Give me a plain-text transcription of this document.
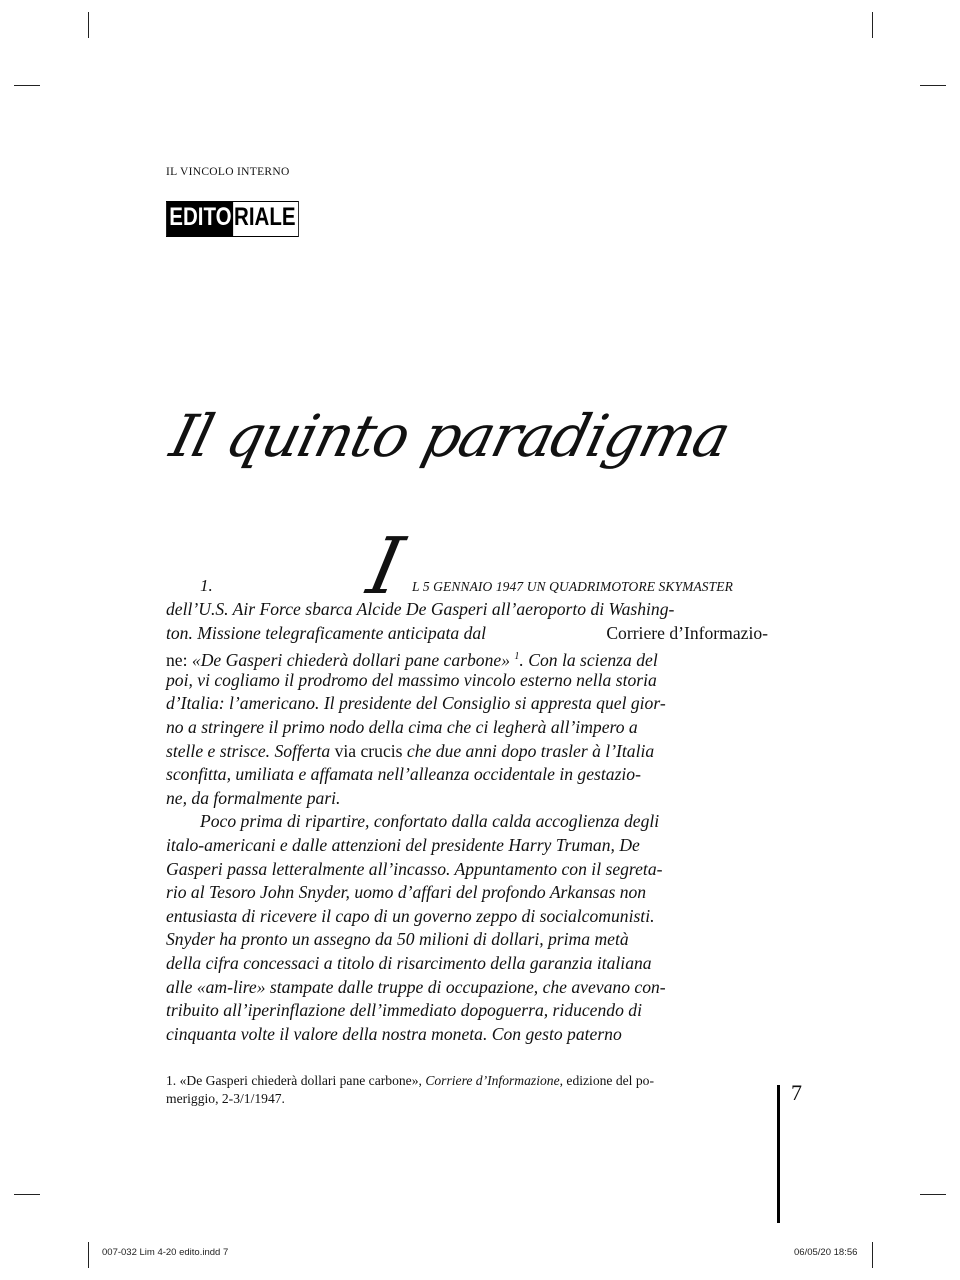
IL VINCOLO INTERNO
EDITO RIALE
Il quinto paradigma
I
1.	L 5 GENNAIO 1947 UN QUADRIMOTORE SKYMASTER
dell’U.S. Air Force sbarca Alcide De Gasperi all’aeroporto di Washing-
ton. Missione telegraficamente anticipata dal	Corriere d’Informazio-
ne: «De Gasperi chiederà dollari pane carbone» $^1$. Con la scienza del
poi, vi cogliamo il prodromo del massimo vincolo esterno nella storia
d’Italia: l’americano. Il presidente del Consiglio si appresta quel gior-
no a stringere il primo nodo della cima che ci legherà all’impero a
stelle e strisce. Sofferta via crucis che due anni dopo trasler à l’Italia
sconfitta, umiliata e affamata nell’alleanza occidentale in gestazio-
ne, da formalmente pari.
Poco prima di ripartire, confortato dalla calda accoglienza degli
italo-americani e dalle attenzioni del presidente Harry Truman, De
Gasperi passa letteralmente all’incasso. Appuntamento con il segreta-
rio al Tesoro John Snyder, uomo d’affari del profondo Arkansas non
entusiasta di ricevere il capo di un governo zeppo di socialcomunisti.
Snyder ha pronto un assegno da 50 milioni di dollari, prima metà
della cifra concessaci a titolo di risarcimento della garanzia italiana
alle «am-lire» stampate dalle truppe di occupazione, che avevano con-
tribuito all’iperinflazione dell’immediato dopoguerra, riducendo di
cinquanta volte il valore della nostra moneta. Con gesto paterno
1. «De Gasperi chiederà dollari pane carbone», Corriere d’Informazione, edizione del po-
meriggio, 2-3/1/1947.	7
007-032 Lim 4-20 edito.indd 7	06/05/20 18:56
